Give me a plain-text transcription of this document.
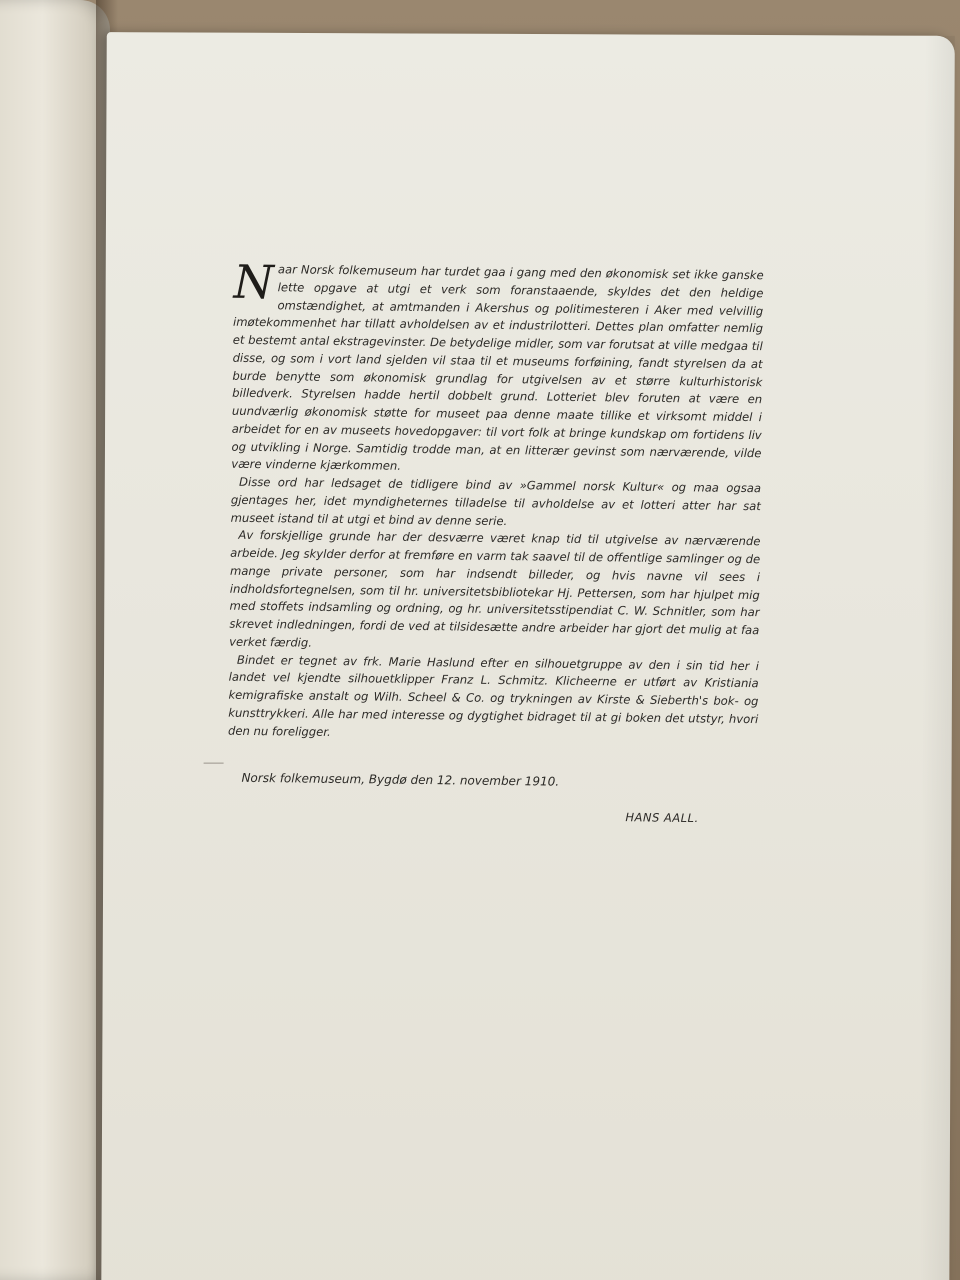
Naar Norsk folkemuseum har turdet gaa i gang med den økonomisk set ikke ganske lette opgave at utgi et verk som foranstaaende, skyldes det den heldige omstændighet, at amtmanden i Akershus og politimesteren i Aker med velvillig imøtekommenhet har tillatt avholdelsen av et industrilotteri. Dettes plan omfatter nemlig et bestemt antal ekstragevinster. De betydelige midler, som var forutsat at ville medgaa til disse, og som i vort land sjelden vil staa til et museums forføining, fandt styrelsen da at burde benytte som økonomisk grundlag for utgivelsen av et større kulturhistorisk billedverk. Styrelsen hadde hertil dobbelt grund. Lotteriet blev foruten at være en uundværlig økonomisk støtte for museet paa denne maate tillike et virksomt middel i arbeidet for en av museets hovedopgaver: til vort folk at bringe kundskap om fortidens liv og utvikling i Norge. Samtidig trodde man, at en litterær gevinst som nærværende, vilde være vinderne kjærkommen.

Disse ord har ledsaget de tidligere bind av »Gammel norsk Kultur« og maa ogsaa gjentages her, idet myndigheternes tilladelse til avholdelse av et lotteri atter har sat museet istand til at utgi et bind av denne serie.

Av forskjellige grunde har der desværre været knap tid til utgivelse av nærværende arbeide. Jeg skylder derfor at fremføre en varm tak saavel til de offentlige samlinger og de mange private personer, som har indsendt billeder, og hvis navne vil sees i indholdsfortegnelsen, som til hr. universitetsbibliotekar Hj. Pettersen, som har hjulpet mig med stoffets indsamling og ordning, og hr. universitetsstipendiat C. W. Schnitler, som har skrevet indledningen, fordi de ved at tilsidesætte andre arbeider har gjort det mulig at faa verket færdig.

Bindet er tegnet av frk. Marie Haslund efter en silhouetgruppe av den i sin tid her i landet vel kjendte silhouetklipper Franz L. Schmitz. Klicheerne er utført av Kristiania kemigrafiske anstalt og Wilh. Scheel & Co. og trykningen av Kirste & Sieberth's bok- og kunsttrykkeri. Alle har med interesse og dygtighet bidraget til at gi boken det utstyr, hvori den nu foreligger.

Norsk folkemuseum, Bygdø den 12. november 1910.
HANS AALL.
